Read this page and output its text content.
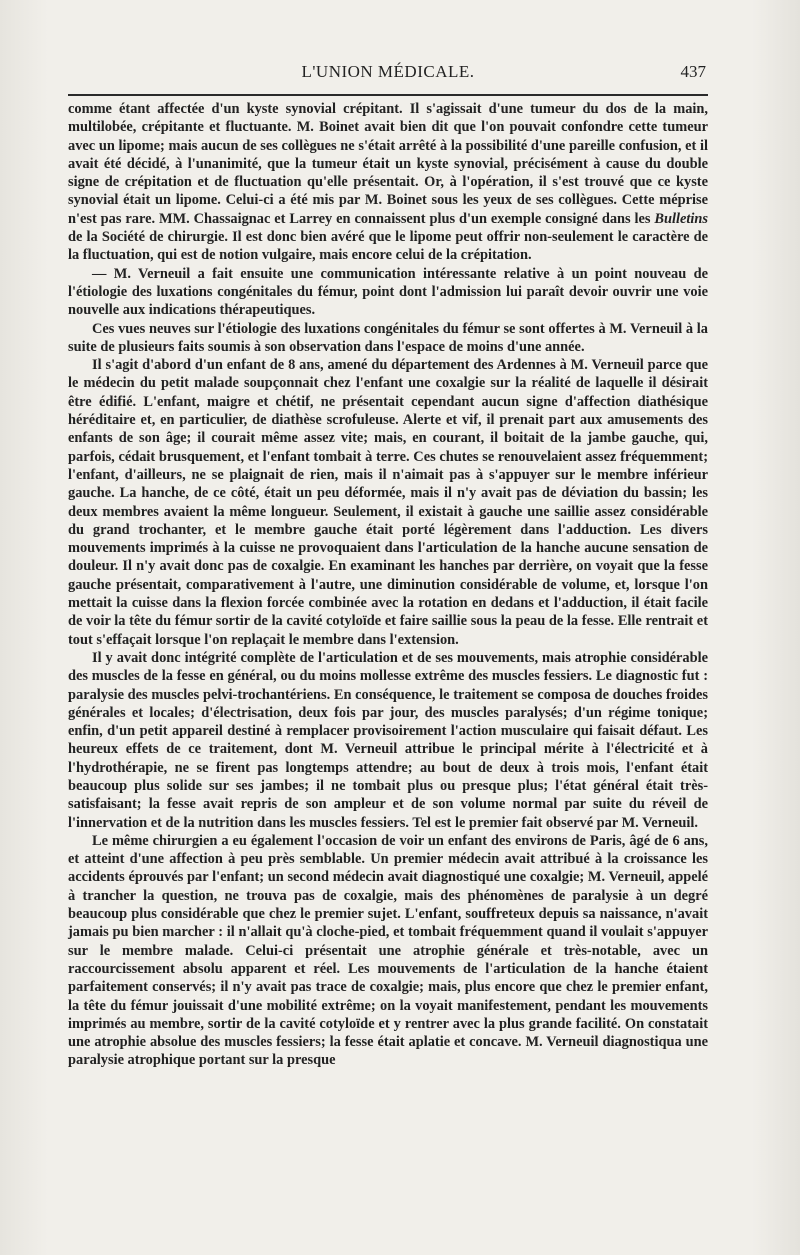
L'UNION MÉDICALE.	437

comme étant affectée d'un kyste synovial crépitant. Il s'agissait d'une tumeur du dos de la main, multilobée, crépitante et fluctuante. M. Boinet avait bien dit que l'on pouvait confondre cette tumeur avec un lipome; mais aucun de ses collègues ne s'était arrêté à la possibilité d'une pareille confusion, et il avait été décidé, à l'unanimité, que la tumeur était un kyste synovial, précisément à cause du double signe de crépitation et de fluctuation qu'elle présentait. Or, à l'opération, il s'est trouvé que ce kyste synovial était un lipome. Celui-ci a été mis par M. Boinet sous les yeux de ses collègues. Cette méprise n'est pas rare. MM. Chassaignac et Larrey en connaissent plus d'un exemple consigné dans les Bulletins de la Société de chirurgie. Il est donc bien avéré que le lipome peut offrir non-seulement le caractère de la fluctuation, qui est de notion vulgaire, mais encore celui de la crépitation.

— M. Verneuil a fait ensuite une communication intéressante relative à un point nouveau de l'étiologie des luxations congénitales du fémur, point dont l'admission lui paraît devoir ouvrir une voie nouvelle aux indications thérapeutiques.

Ces vues neuves sur l'étiologie des luxations congénitales du fémur se sont offertes à M. Verneuil à la suite de plusieurs faits soumis à son observation dans l'espace de moins d'une année.

Il s'agit d'abord d'un enfant de 8 ans, amené du département des Ardennes à M. Verneuil parce que le médecin du petit malade soupçonnait chez l'enfant une coxalgie sur la réalité de laquelle il désirait être édifié. L'enfant, maigre et chétif, ne présentait cependant aucun signe d'affection diathésique héréditaire et, en particulier, de diathèse scrofuleuse. Alerte et vif, il prenait part aux amusements des enfants de son âge; il courait même assez vite; mais, en courant, il boitait de la jambe gauche, qui, parfois, cédait brusquement, et l'enfant tombait à terre. Ces chutes se renouvelaient assez fréquemment; l'enfant, d'ailleurs, ne se plaignait de rien, mais il n'aimait pas à s'appuyer sur le membre inférieur gauche. La hanche, de ce côté, était un peu déformée, mais il n'y avait pas de déviation du bassin; les deux membres avaient la même longueur. Seulement, il existait à gauche une saillie assez considérable du grand trochanter, et le membre gauche était porté légèrement dans l'adduction. Les divers mouvements imprimés à la cuisse ne provoquaient dans l'articulation de la hanche aucune sensation de douleur. Il n'y avait donc pas de coxalgie. En examinant les hanches par derrière, on voyait que la fesse gauche présentait, comparativement à l'autre, une diminution considérable de volume, et, lorsque l'on mettait la cuisse dans la flexion forcée combinée avec la rotation en dedans et l'adduction, il était facile de voir la tête du fémur sortir de la cavité cotyloïde et faire saillie sous la peau de la fesse. Elle rentrait et tout s'effaçait lorsque l'on replaçait le membre dans l'extension.

Il y avait donc intégrité complète de l'articulation et de ses mouvements, mais atrophie considérable des muscles de la fesse en général, ou du moins mollesse extrême des muscles fessiers. Le diagnostic fut : paralysie des muscles pelvi-trochantériens. En conséquence, le traitement se composa de douches froides générales et locales; d'électrisation, deux fois par jour, des muscles paralysés; d'un régime tonique; enfin, d'un petit appareil destiné à remplacer provisoirement l'action musculaire qui faisait défaut. Les heureux effets de ce traitement, dont M. Verneuil attribue le principal mérite à l'électricité et à l'hydrothérapie, ne se firent pas longtemps attendre; au bout de deux à trois mois, l'enfant était beaucoup plus solide sur ses jambes; il ne tombait plus ou presque plus; l'état général était très-satisfaisant; la fesse avait repris de son ampleur et de son volume normal par suite du réveil de l'innervation et de la nutrition dans les muscles fessiers. Tel est le premier fait observé par M. Verneuil.

Le même chirurgien a eu également l'occasion de voir un enfant des environs de Paris, âgé de 6 ans, et atteint d'une affection à peu près semblable. Un premier médecin avait attribué à la croissance les accidents éprouvés par l'enfant; un second médecin avait diagnostiqué une coxalgie; M. Verneuil, appelé à trancher la question, ne trouva pas de coxalgie, mais des phénomènes de paralysie à un degré beaucoup plus considérable que chez le premier sujet. L'enfant, souffreteux depuis sa naissance, n'avait jamais pu bien marcher : il n'allait qu'à cloche-pied, et tombait fréquemment quand il voulait s'appuyer sur le membre malade. Celui-ci présentait une atrophie générale et très-notable, avec un raccourcissement absolu apparent et réel. Les mouvements de l'articulation de la hanche étaient parfaitement conservés; il n'y avait pas trace de coxalgie; mais, plus encore que chez le premier enfant, la tête du fémur jouissait d'une mobilité extrême; on la voyait manifestement, pendant les mouvements imprimés au membre, sortir de la cavité cotyloïde et y rentrer avec la plus grande facilité. On constatait une atrophie absolue des muscles fessiers; la fesse était aplatie et concave. M. Verneuil diagnostiqua une paralysie atrophique portant sur la presque
